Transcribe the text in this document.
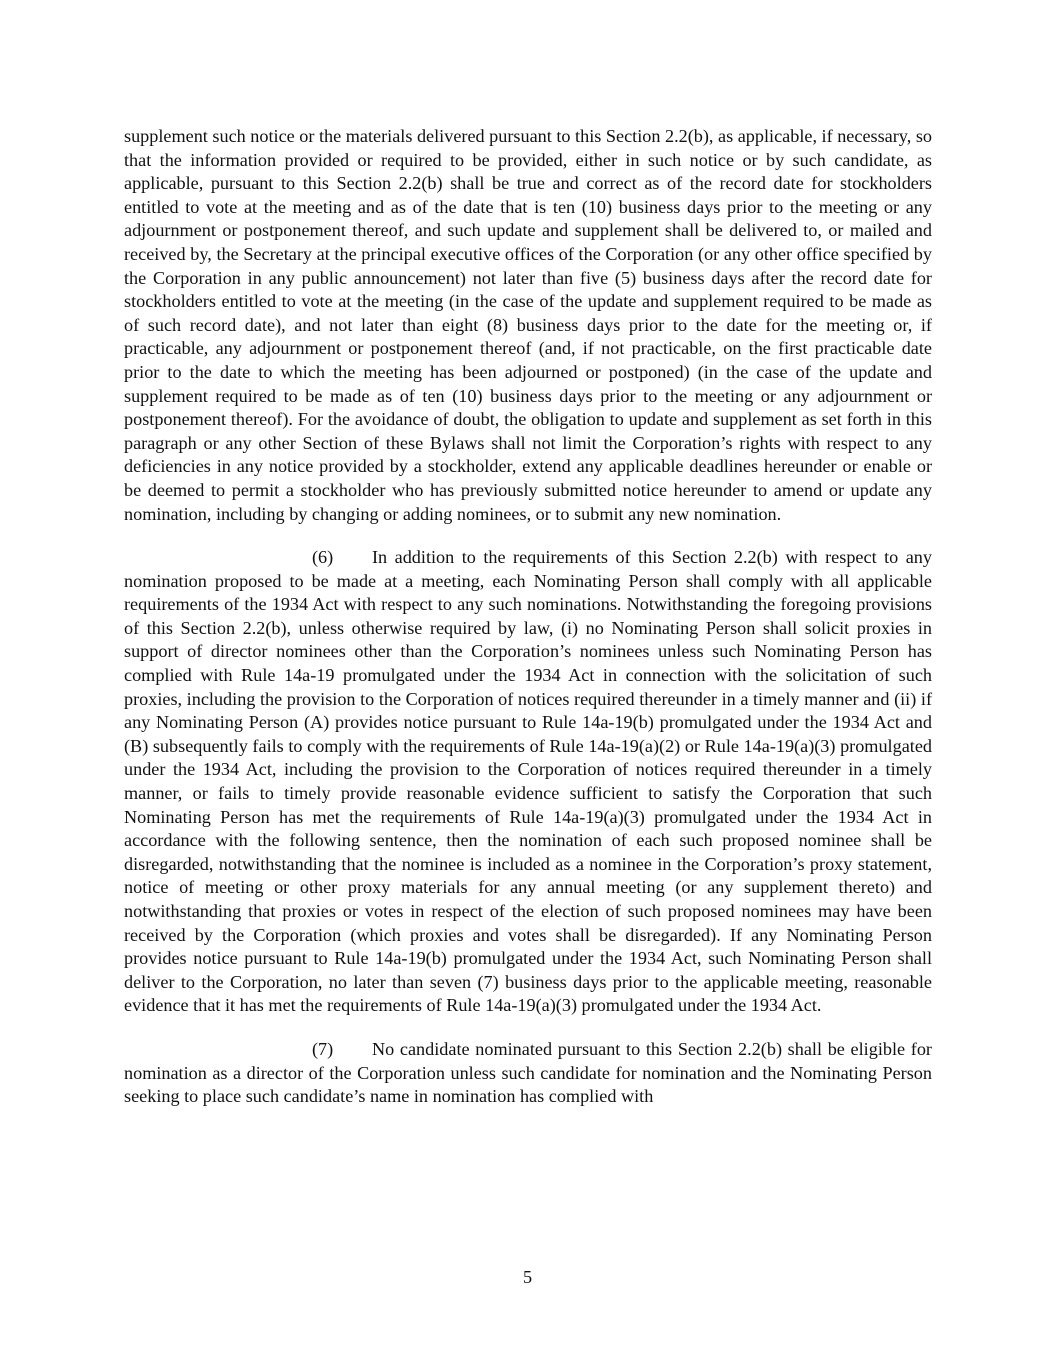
supplement such notice or the materials delivered pursuant to this Section 2.2(b), as applicable, if necessary, so that the information provided or required to be provided, either in such notice or by such candidate, as applicable, pursuant to this Section 2.2(b) shall be true and correct as of the record date for stockholders entitled to vote at the meeting and as of the date that is ten (10) business days prior to the meeting or any adjournment or postponement thereof, and such update and supplement shall be delivered to, or mailed and received by, the Secretary at the principal executive offices of the Corporation (or any other office specified by the Corporation in any public announcement) not later than five (5) business days after the record date for stockholders entitled to vote at the meeting (in the case of the update and supplement required to be made as of such record date), and not later than eight (8) business days prior to the date for the meeting or, if practicable, any adjournment or postponement thereof (and, if not practicable, on the first practicable date prior to the date to which the meeting has been adjourned or postponed) (in the case of the update and supplement required to be made as of ten (10) business days prior to the meeting or any adjournment or postponement thereof). For the avoidance of doubt, the obligation to update and supplement as set forth in this paragraph or any other Section of these Bylaws shall not limit the Corporation’s rights with respect to any deficiencies in any notice provided by a stockholder, extend any applicable deadlines hereunder or enable or be deemed to permit a stockholder who has previously submitted notice hereunder to amend or update any nomination, including by changing or adding nominees, or to submit any new nomination.

(6) In addition to the requirements of this Section 2.2(b) with respect to any nomination proposed to be made at a meeting, each Nominating Person shall comply with all applicable requirements of the 1934 Act with respect to any such nominations. Notwithstanding the foregoing provisions of this Section 2.2(b), unless otherwise required by law, (i) no Nominating Person shall solicit proxies in support of director nominees other than the Corporation’s nominees unless such Nominating Person has complied with Rule 14a-19 promulgated under the 1934 Act in connection with the solicitation of such proxies, including the provision to the Corporation of notices required thereunder in a timely manner and (ii) if any Nominating Person (A) provides notice pursuant to Rule 14a-19(b) promulgated under the 1934 Act and (B) subsequently fails to comply with the requirements of Rule 14a-19(a)(2) or Rule 14a-19(a)(3) promulgated under the 1934 Act, including the provision to the Corporation of notices required thereunder in a timely manner, or fails to timely provide reasonable evidence sufficient to satisfy the Corporation that such Nominating Person has met the requirements of Rule 14a-19(a)(3) promulgated under the 1934 Act in accordance with the following sentence, then the nomination of each such proposed nominee shall be disregarded, notwithstanding that the nominee is included as a nominee in the Corporation’s proxy statement, notice of meeting or other proxy materials for any annual meeting (or any supplement thereto) and notwithstanding that proxies or votes in respect of the election of such proposed nominees may have been received by the Corporation (which proxies and votes shall be disregarded). If any Nominating Person provides notice pursuant to Rule 14a-19(b) promulgated under the 1934 Act, such Nominating Person shall deliver to the Corporation, no later than seven (7) business days prior to the applicable meeting, reasonable evidence that it has met the requirements of Rule 14a-19(a)(3) promulgated under the 1934 Act.

(7) No candidate nominated pursuant to this Section 2.2(b) shall be eligible for nomination as a director of the Corporation unless such candidate for nomination and the Nominating Person seeking to place such candidate’s name in nomination has complied with

5
